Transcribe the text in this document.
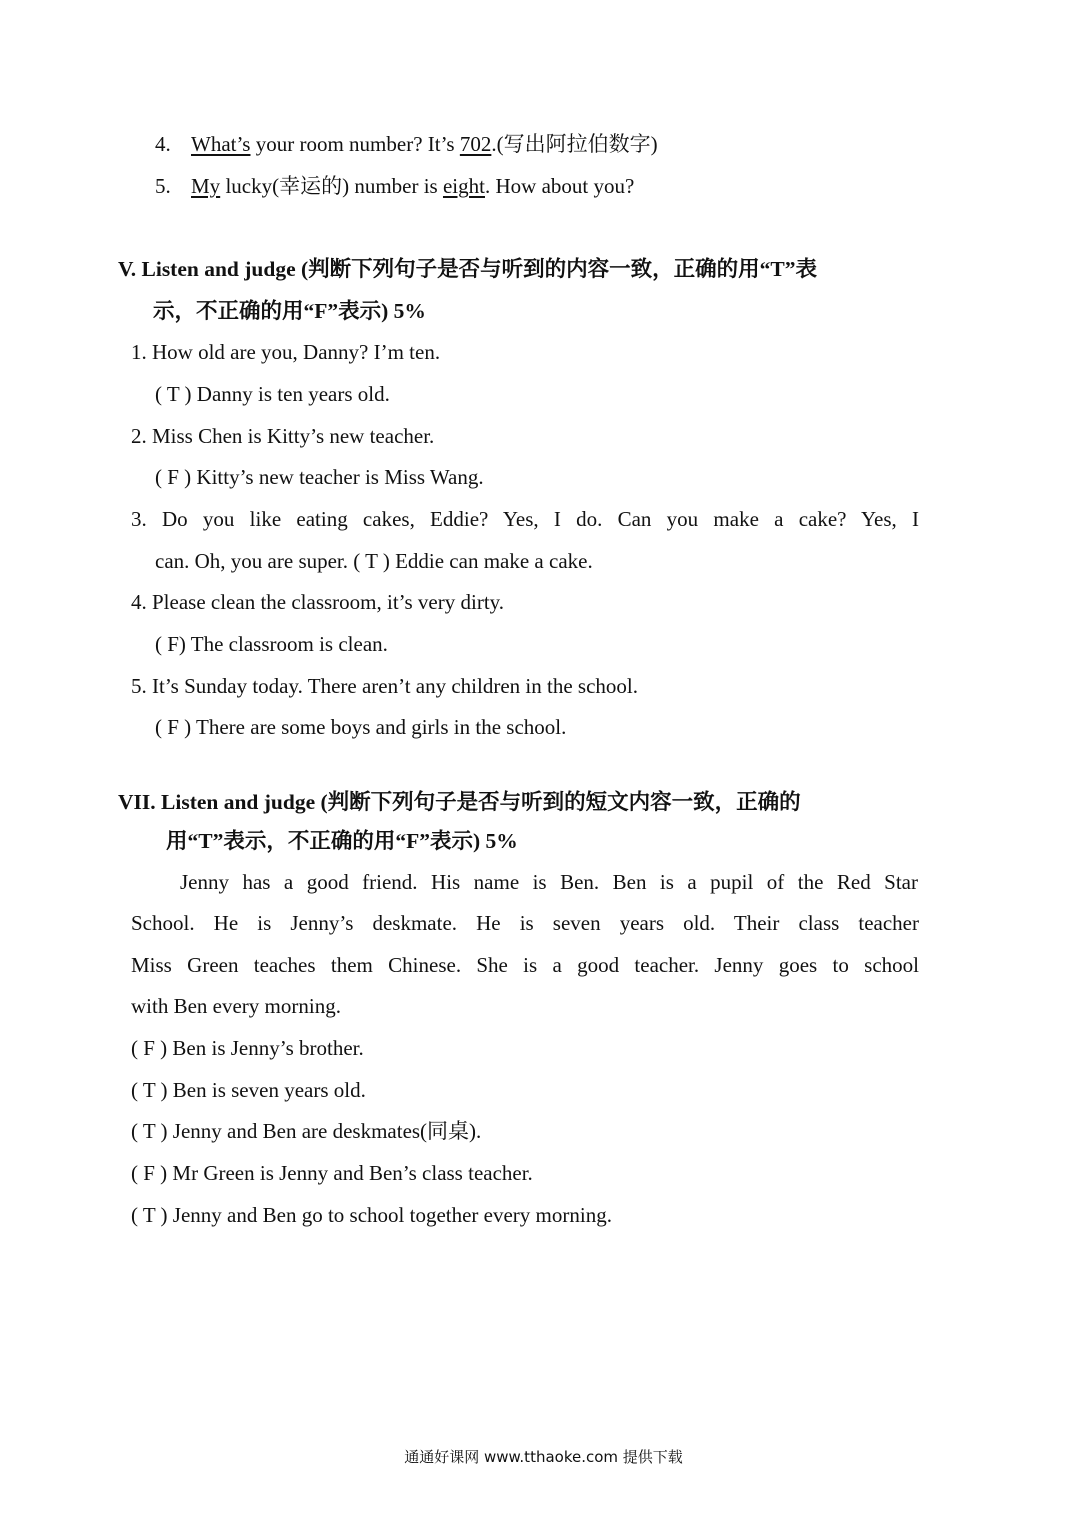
4. What’s your room number? It’s 702.(写出阿拉伯数字)
5. My lucky(幸运的) number is eight. How about you?
V. Listen and judge (判断下列句子是否与听到的内容一致，正确的用“T”表
示，不正确的用“F”表示) 5%
1. How old are you, Danny? I’m ten.
( T ) Danny is ten years old.
2. Miss Chen is Kitty’s new teacher.
( F ) Kitty’s new teacher is Miss Wang.
3. Do you like eating cakes, Eddie? Yes, I do. Can you make a cake? Yes, I
can. Oh, you are super. ( T ) Eddie can make a cake.
4. Please clean the classroom, it’s very dirty.
( F) The classroom is clean.
5. It’s Sunday today. There aren’t any children in the school.
( F ) There are some boys and girls in the school.
VII. Listen and judge (判断下列句子是否与听到的短文内容一致，正确的
用“T”表示，不正确的用“F”表示) 5%
Jenny has a good friend. His name is Ben. Ben is a pupil of the Red Star
School. He is Jenny’s deskmate. He is seven years old. Their class teacher
Miss Green teaches them Chinese. She is a good teacher. Jenny goes to school
with Ben every morning.
( F ) Ben is Jenny’s brother.
( T ) Ben is seven years old.
( T ) Jenny and Ben are deskmates(同桌).
( F ) Mr Green is Jenny and Ben’s class teacher.
( T ) Jenny and Ben go to school together every morning.
通通好课网 www.tthaoke.com 提供下载
